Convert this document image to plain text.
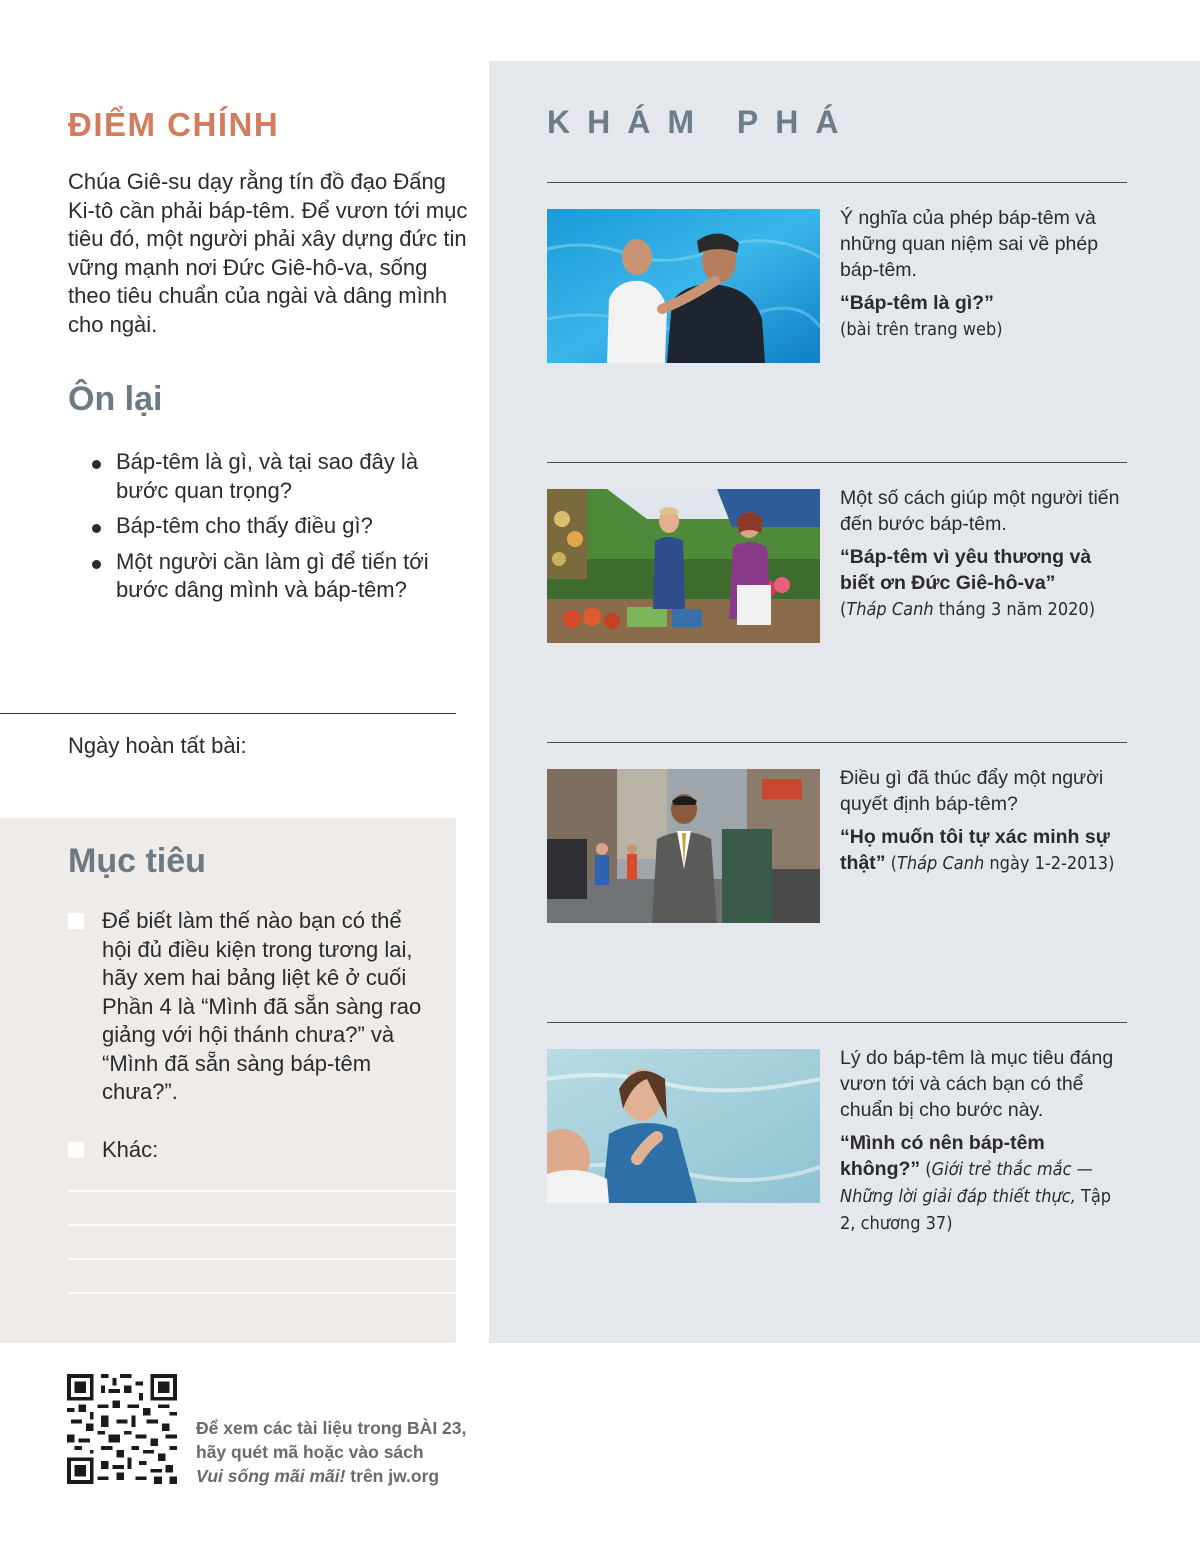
ĐIỂM CHÍNH

Chúa Giê-su dạy rằng tín đồ đạo Đấng Ki-tô cần phải báp-têm. Để vươn tới mục tiêu đó, một người phải xây dựng đức tin vững mạnh nơi Đức Giê-hô-va, sống theo tiêu chuẩn của ngài và dâng mình cho ngài.

Ôn lại
Báp-têm là gì, và tại sao đây là bước quan trọng?
Báp-têm cho thấy điều gì?
Một người cần làm gì để tiến tới bước dâng mình và báp-têm?
Ngày hoàn tất bài:
Mục tiêu
Để biết làm thế nào bạn có thể hội đủ điều kiện trong tương lai, hãy xem hai bảng liệt kê ở cuối Phần 4 là “Mình đã sẵn sàng rao giảng với hội thánh chưa?” và “Mình đã sẵn sàng báp-têm chưa?”.
Khác:
KHÁM PHÁ
Ý nghĩa của phép báp-têm và những quan niệm sai về phép báp-têm.
“Báp-têm là gì?”
(bài trên trang web)
Một số cách giúp một người tiến đến bước báp-têm.
“Báp-têm vì yêu thương và biết ơn Đức Giê-hô-va”
(Tháp Canh tháng 3 năm 2020)
Điều gì đã thúc đẩy một người quyết định báp-têm?
“Họ muốn tôi tự xác minh sự thật” (Tháp Canh ngày 1-2-2013)
Lý do báp-têm là mục tiêu đáng vươn tới và cách bạn có thể chuẩn bị cho bước này.
“Mình có nên báp-têm không?” (Giới trẻ thắc mắc —Những lời giải đáp thiết thực, Tập 2, chương 37)
Để xem các tài liệu trong BÀI 23,
hãy quét mã hoặc vào sách
Vui sống mãi mãi! trên jw.org
